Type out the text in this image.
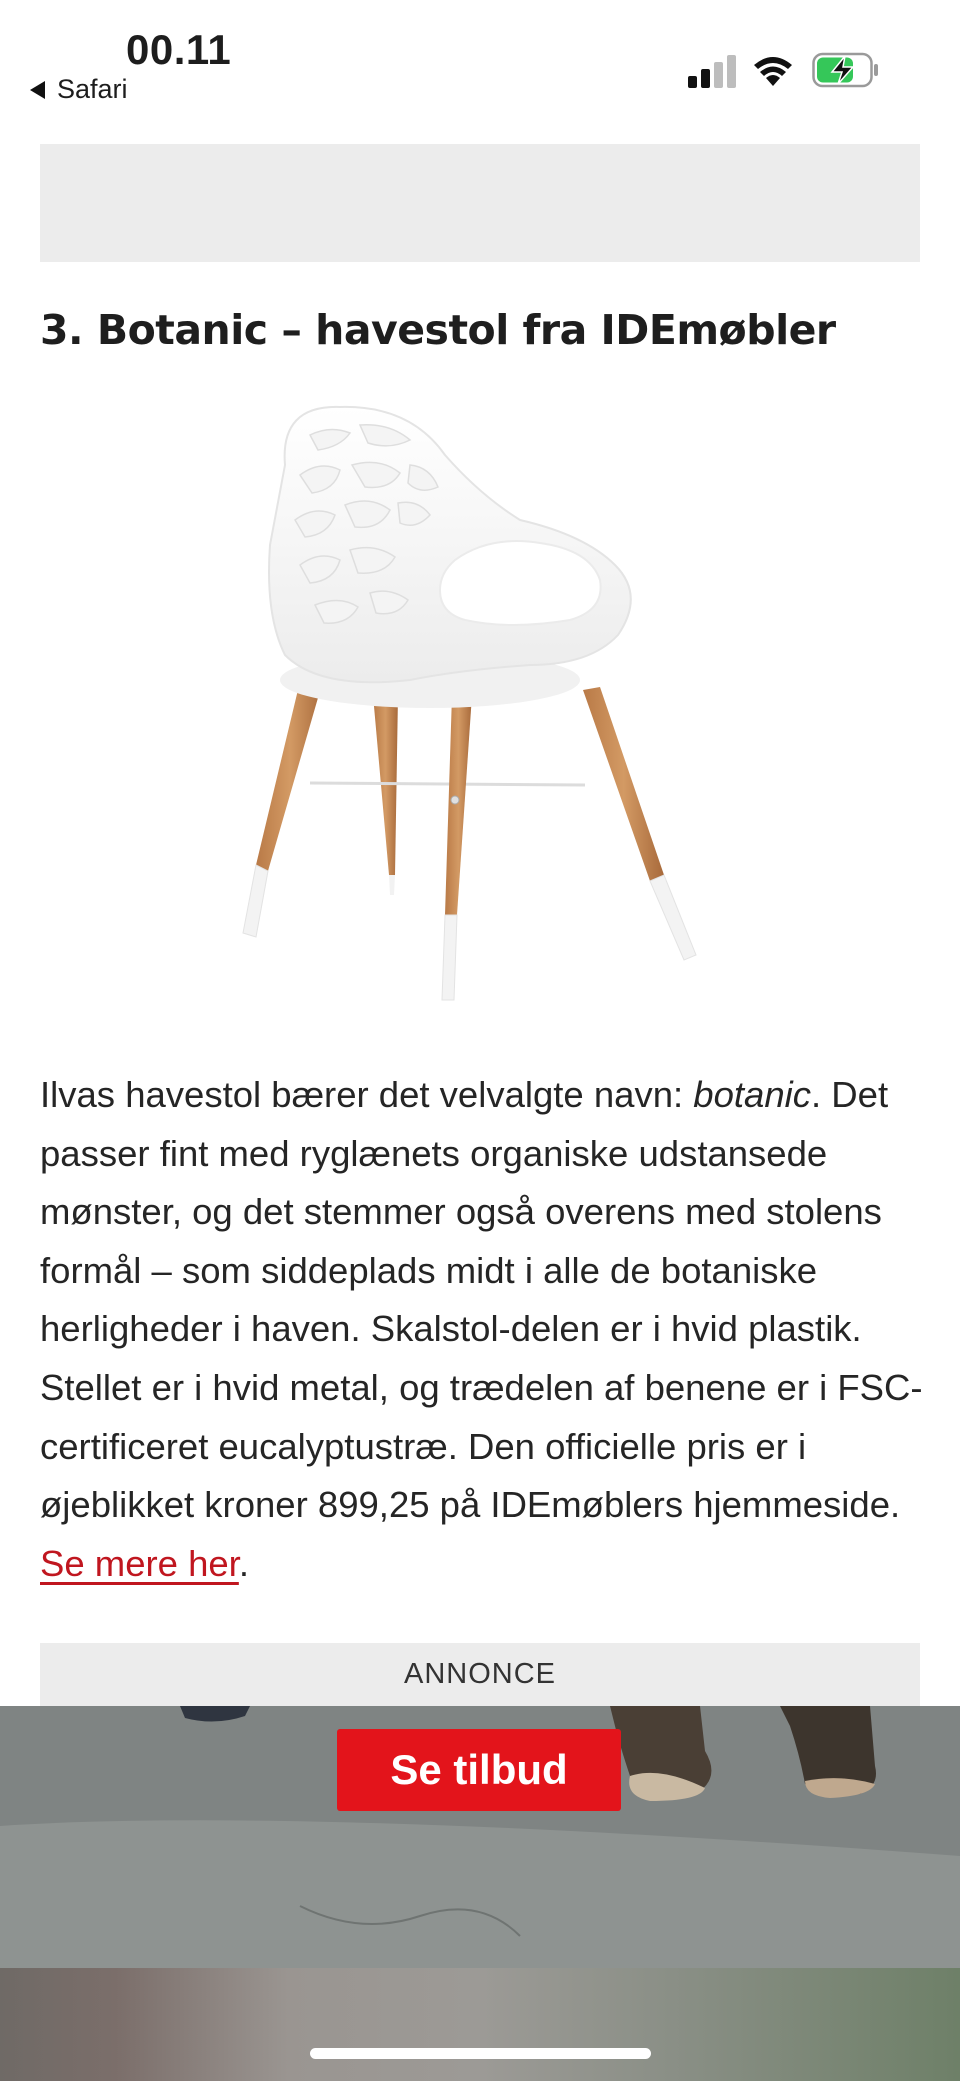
00.11
Safari
3. Botanic – havestol fra IDEmøbler

Ilvas havestol bærer det velvalgte navn: botanic. Det passer fint med ryglænets organiske udstansede mønster, og det stemmer også overens med stolens formål – som siddeplads midt i alle de botaniske herligheder i haven. Skalstol-delen er i hvid plastik. Stellet er i hvid metal, og trædelen af benene er i FSC-certificeret eucalyptustræ. Den officielle pris er i øjeblikket kroner 899,25 på IDEmøblers hjemmeside. Se mere her.

ANNONCE
Se tilbud
